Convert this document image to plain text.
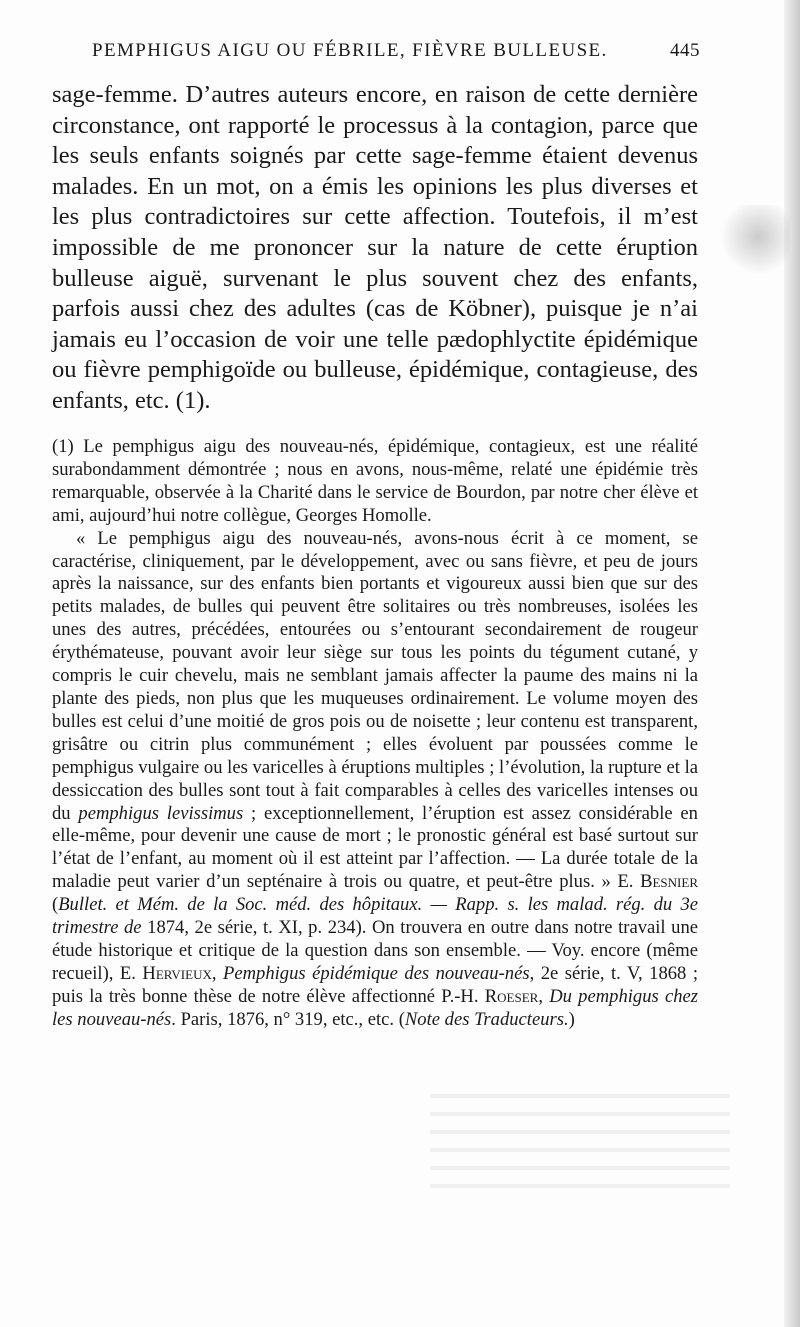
PEMPHIGUS AIGU OU FÉBRILE, FIÈVRE BULLEUSE.	445

sage-femme. D’autres auteurs encore, en raison de cette dernière circonstance, ont rapporté le processus à la contagion, parce que les seuls enfants soignés par cette sage-femme étaient devenus malades. En un mot, on a émis les opinions les plus diverses et les plus contradictoires sur cette affection. Toutefois, il m’est impossible de me prononcer sur la nature de cette éruption bulleuse aiguë, survenant le plus souvent chez des enfants, parfois aussi chez des adultes (cas de Köbner), puisque je n’ai jamais eu l’occasion de voir une telle pædophlyctite épidémique ou fièvre pemphigoïde ou bulleuse, épidémique, contagieuse, des enfants, etc. (1).

(1) Le pemphigus aigu des nouveau-nés, épidémique, contagieux, est une réalité surabondamment démontrée ; nous en avons, nous-même, relaté une épidémie très remarquable, observée à la Charité dans le service de Bourdon, par notre cher élève et ami, aujourd’hui notre collègue, Georges Homolle.

« Le pemphigus aigu des nouveau-nés, avons-nous écrit à ce moment, se caractérise, cliniquement, par le développement, avec ou sans fièvre, et peu de jours après la naissance, sur des enfants bien portants et vigoureux aussi bien que sur des petits malades, de bulles qui peuvent être solitaires ou très nombreuses, isolées les unes des autres, précédées, entourées ou s’entourant secondairement de rougeur érythémateuse, pouvant avoir leur siège sur tous les points du tégument cutané, y compris le cuir chevelu, mais ne semblant jamais affecter la paume des mains ni la plante des pieds, non plus que les muqueuses ordinairement. Le volume moyen des bulles est celui d’une moitié de gros pois ou de noisette ; leur contenu est transparent, grisâtre ou citrin plus communément ; elles évoluent par poussées comme le pemphigus vulgaire ou les varicelles à éruptions multiples ; l’évolution, la rupture et la dessiccation des bulles sont tout à fait comparables à celles des varicelles intenses ou du pemphigus levissimus ; exceptionnellement, l’éruption est assez considérable en elle-même, pour devenir une cause de mort ; le pronostic général est basé surtout sur l’état de l’enfant, au moment où il est atteint par l’affection. — La durée totale de la maladie peut varier d’un septénaire à trois ou quatre, et peut-être plus. » E. Besnier (Bullet. et Mém. de la Soc. méd. des hôpitaux. — Rapp. s. les malad. rég. du 3e trimestre de 1874, 2e série, t. XI, p. 234). On trouvera en outre dans notre travail une étude historique et critique de la question dans son ensemble. — Voy. encore (même recueil), E. Hervieux, Pemphigus épidémique des nouveau-nés, 2e série, t. V, 1868 ; puis la très bonne thèse de notre élève affectionné P.-H. Roeser, Du pemphigus chez les nouveau-nés. Paris, 1876, n° 319, etc., etc. (Note des Traducteurs.)
